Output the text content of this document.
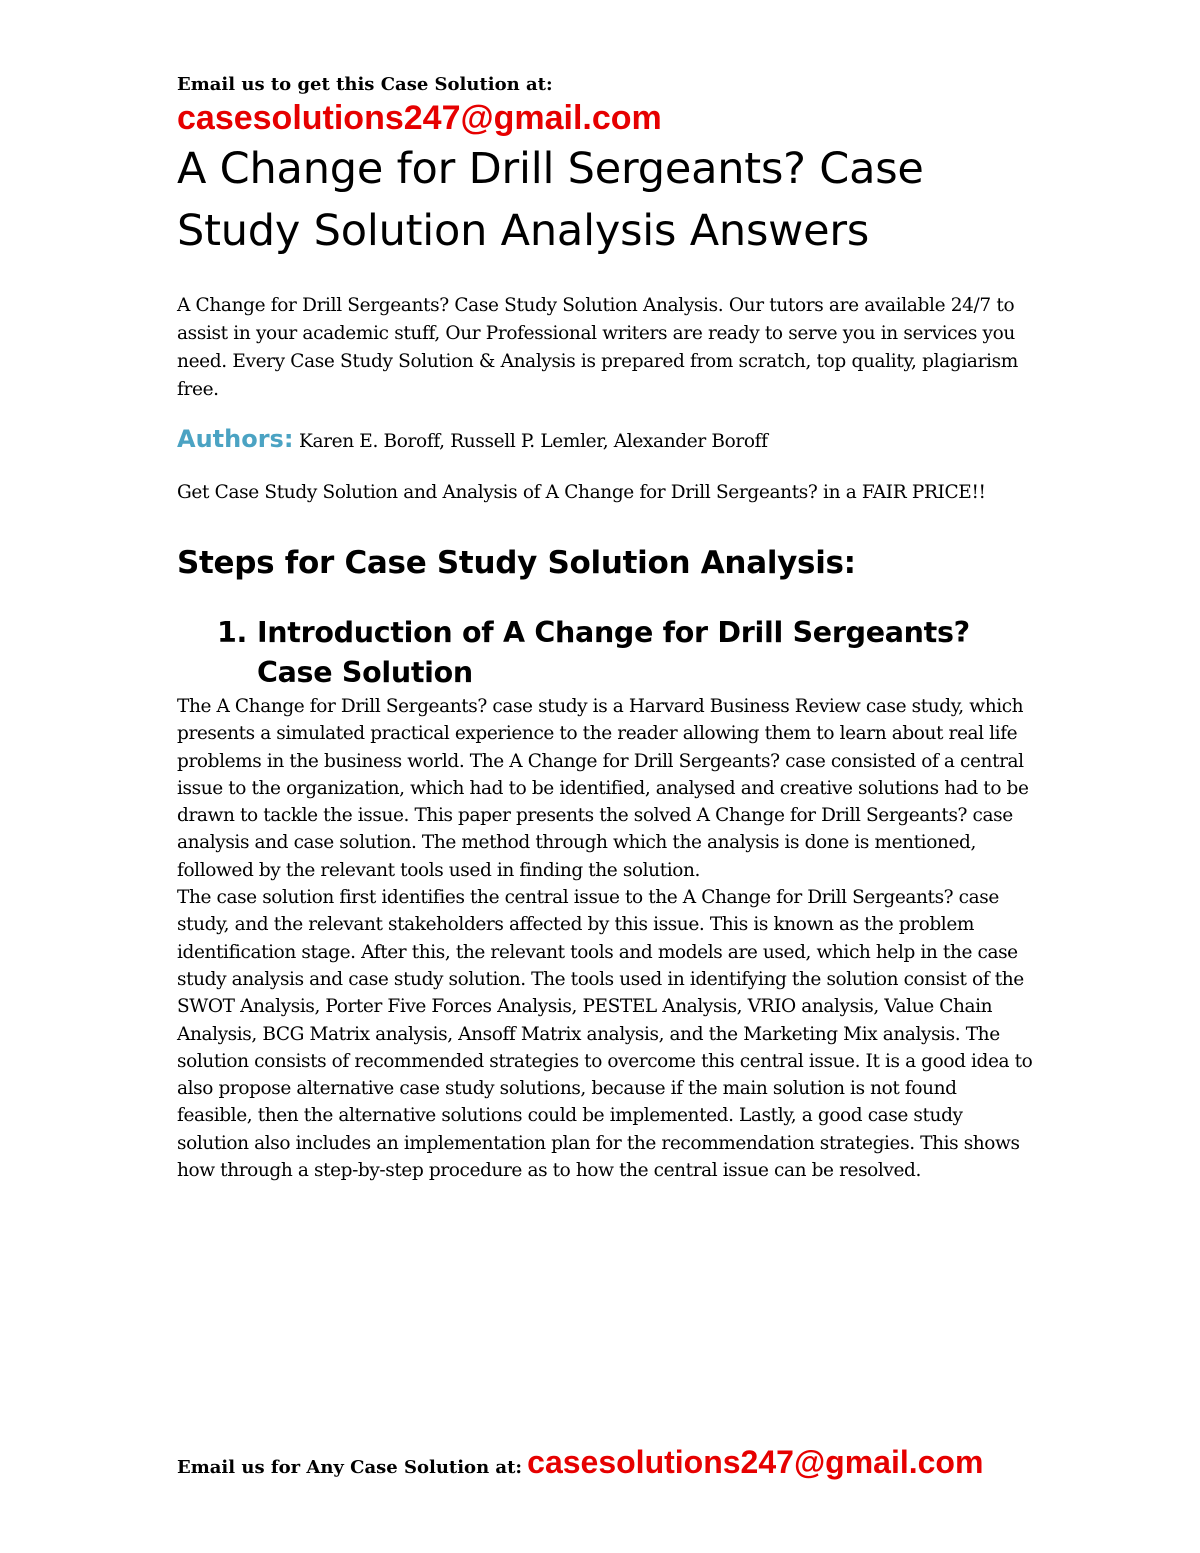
Email us to get this Case Solution at:

casesolutions247@gmail.com

A Change for Drill Sergeants? Case Study Solution Analysis Answers

A Change for Drill Sergeants? Case Study Solution Analysis. Our tutors are available 24/7 to assist in your academic stuff, Our Professional writers are ready to serve you in services you need. Every Case Study Solution & Analysis is prepared from scratch, top quality, plagiarism free.

Authors: Karen E. Boroff, Russell P. Lemler, Alexander Boroff

Get Case Study Solution and Analysis of A Change for Drill Sergeants? in a FAIR PRICE!!

Steps for Case Study Solution Analysis:
1. Introduction of A Change for Drill Sergeants? Case Solution

The A Change for Drill Sergeants? case study is a Harvard Business Review case study, which presents a simulated practical experience to the reader allowing them to learn about real life problems in the business world. The A Change for Drill Sergeants? case consisted of a central issue to the organization, which had to be identified, analysed and creative solutions had to be drawn to tackle the issue. This paper presents the solved A Change for Drill Sergeants? case analysis and case solution. The method through which the analysis is done is mentioned, followed by the relevant tools used in finding the solution.

The case solution first identifies the central issue to the A Change for Drill Sergeants? case study, and the relevant stakeholders affected by this issue. This is known as the problem identification stage. After this, the relevant tools and models are used, which help in the case study analysis and case study solution. The tools used in identifying the solution consist of the SWOT Analysis, Porter Five Forces Analysis, PESTEL Analysis, VRIO analysis, Value Chain Analysis, BCG Matrix analysis, Ansoff Matrix analysis, and the Marketing Mix analysis. The solution consists of recommended strategies to overcome this central issue. It is a good idea to also propose alternative case study solutions, because if the main solution is not found feasible, then the alternative solutions could be implemented. Lastly, a good case study solution also includes an implementation plan for the recommendation strategies. This shows how through a step-by-step procedure as to how the central issue can be resolved.

Email us for Any Case Solution at: casesolutions247@gmail.com
